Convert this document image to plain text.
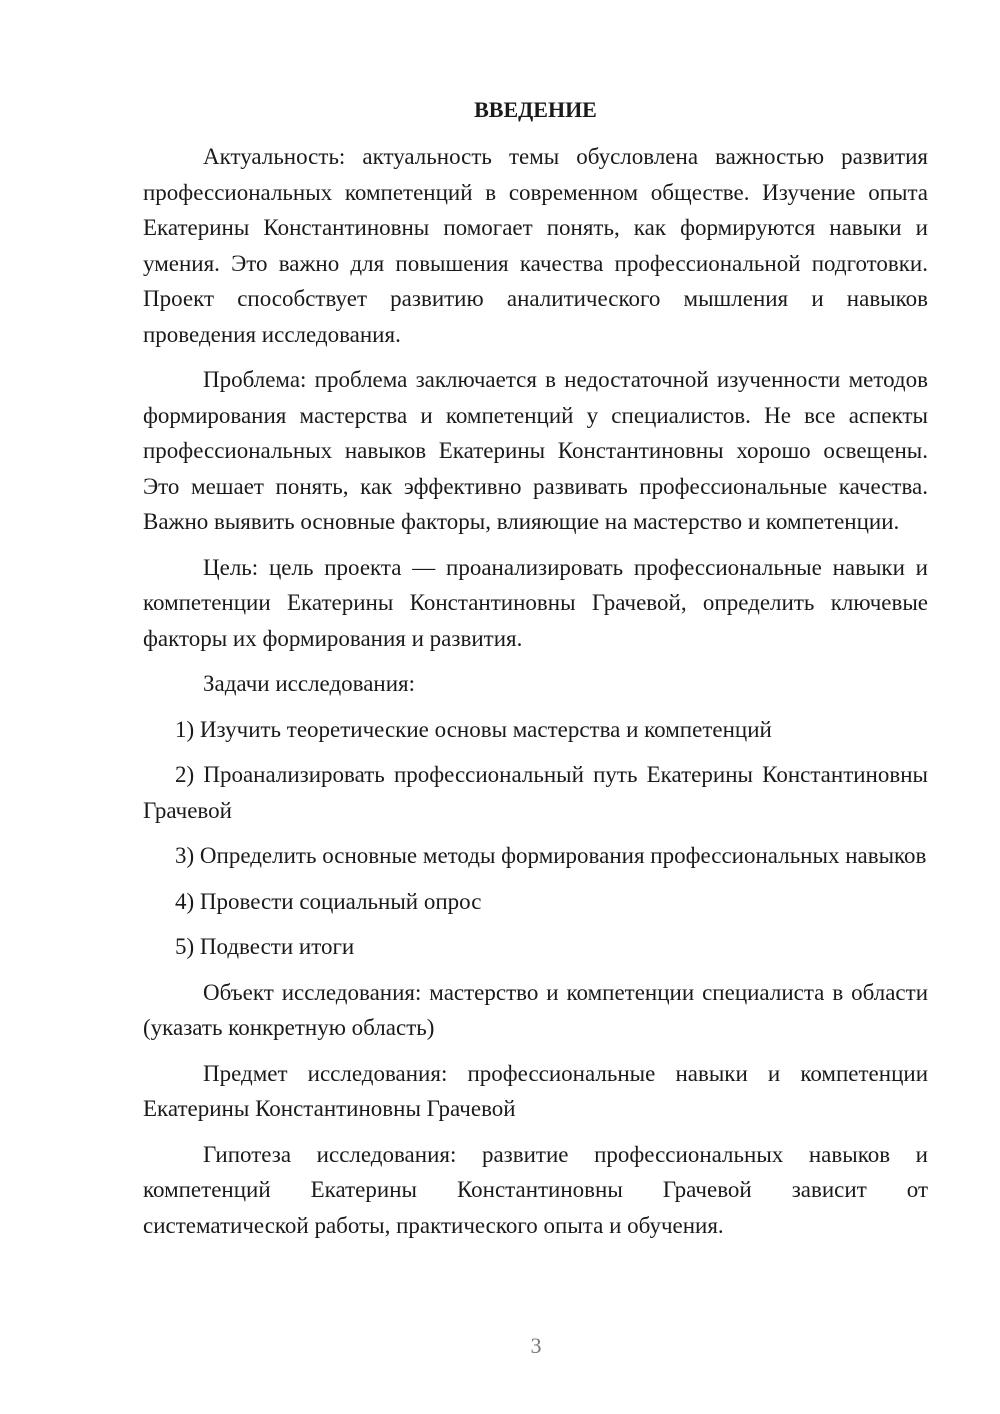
ВВЕДЕНИЕ

Актуальность: актуальность темы обусловлена важностью развития профессиональных компетенций в современном обществе. Изучение опыта Екатерины Константиновны помогает понять, как формируются навыки и умения. Это важно для повышения качества профессиональной подготовки. Проект способствует развитию аналитического мышления и навыков проведения исследования.

Проблема: проблема заключается в недостаточной изученности методов формирования мастерства и компетенций у специалистов. Не все аспекты профессиональных навыков Екатерины Константиновны хорошо освещены. Это мешает понять, как эффективно развивать профессиональные качества. Важно выявить основные факторы, влияющие на мастерство и компетенции.

Цель: цель проекта — проанализировать профессиональные навыки и компетенции Екатерины Константиновны Грачевой, определить ключевые факторы их формирования и развития.

Задачи исследования:

1) Изучить теоретические основы мастерства и компетенций

2) Проанализировать профессиональный путь Екатерины Константиновны Грачевой

3) Определить основные методы формирования профессиональных навыков

4) Провести социальный опрос

5) Подвести итоги

Объект исследования: мастерство и компетенции специалиста в области (указать конкретную область)

Предмет исследования: профессиональные навыки и компетенции Екатерины Константиновны Грачевой

Гипотеза исследования: развитие профессиональных навыков и компетенций Екатерины Константиновны Грачевой зависит от систематической работы, практического опыта и обучения.

3
